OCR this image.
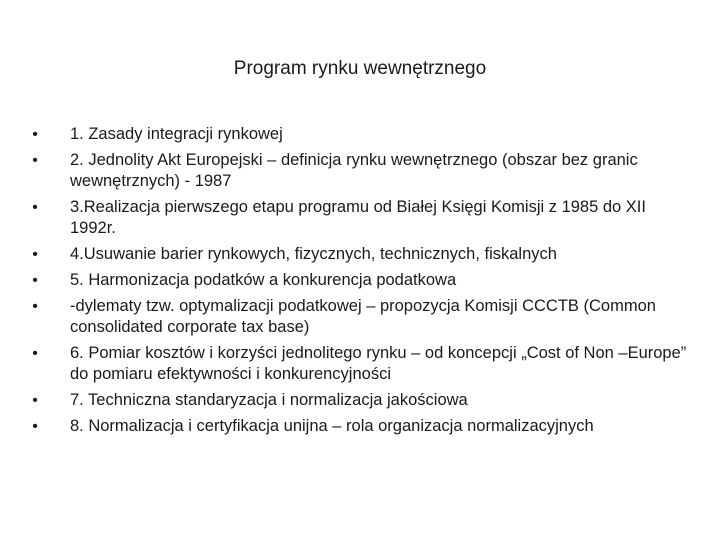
Program rynku wewnętrznego
• 1. Zasady integracji rynkowej
• 2. Jednolity Akt Europejski – definicja rynku wewnętrznego (obszar bez granic wewnętrznych) - 1987
• 3.Realizacja pierwszego etapu programu od Białej Księgi Komisji z 1985 do XII 1992r.
• 4.Usuwanie barier rynkowych, fizycznych, technicznych, fiskalnych
• 5. Harmonizacja podatków a konkurencja podatkowa
• -dylematy tzw. optymalizacji podatkowej – propozycja Komisji CCCTB (Common consolidated corporate tax base)
• 6. Pomiar kosztów i korzyści jednolitego rynku – od koncepcji „Cost of Non –Europe” do pomiaru efektywności i konkurencyjności
• 7. Techniczna standaryzacja i normalizacja jakościowa
• 8. Normalizacja i certyfikacja unijna – rola organizacja normalizacyjnych
